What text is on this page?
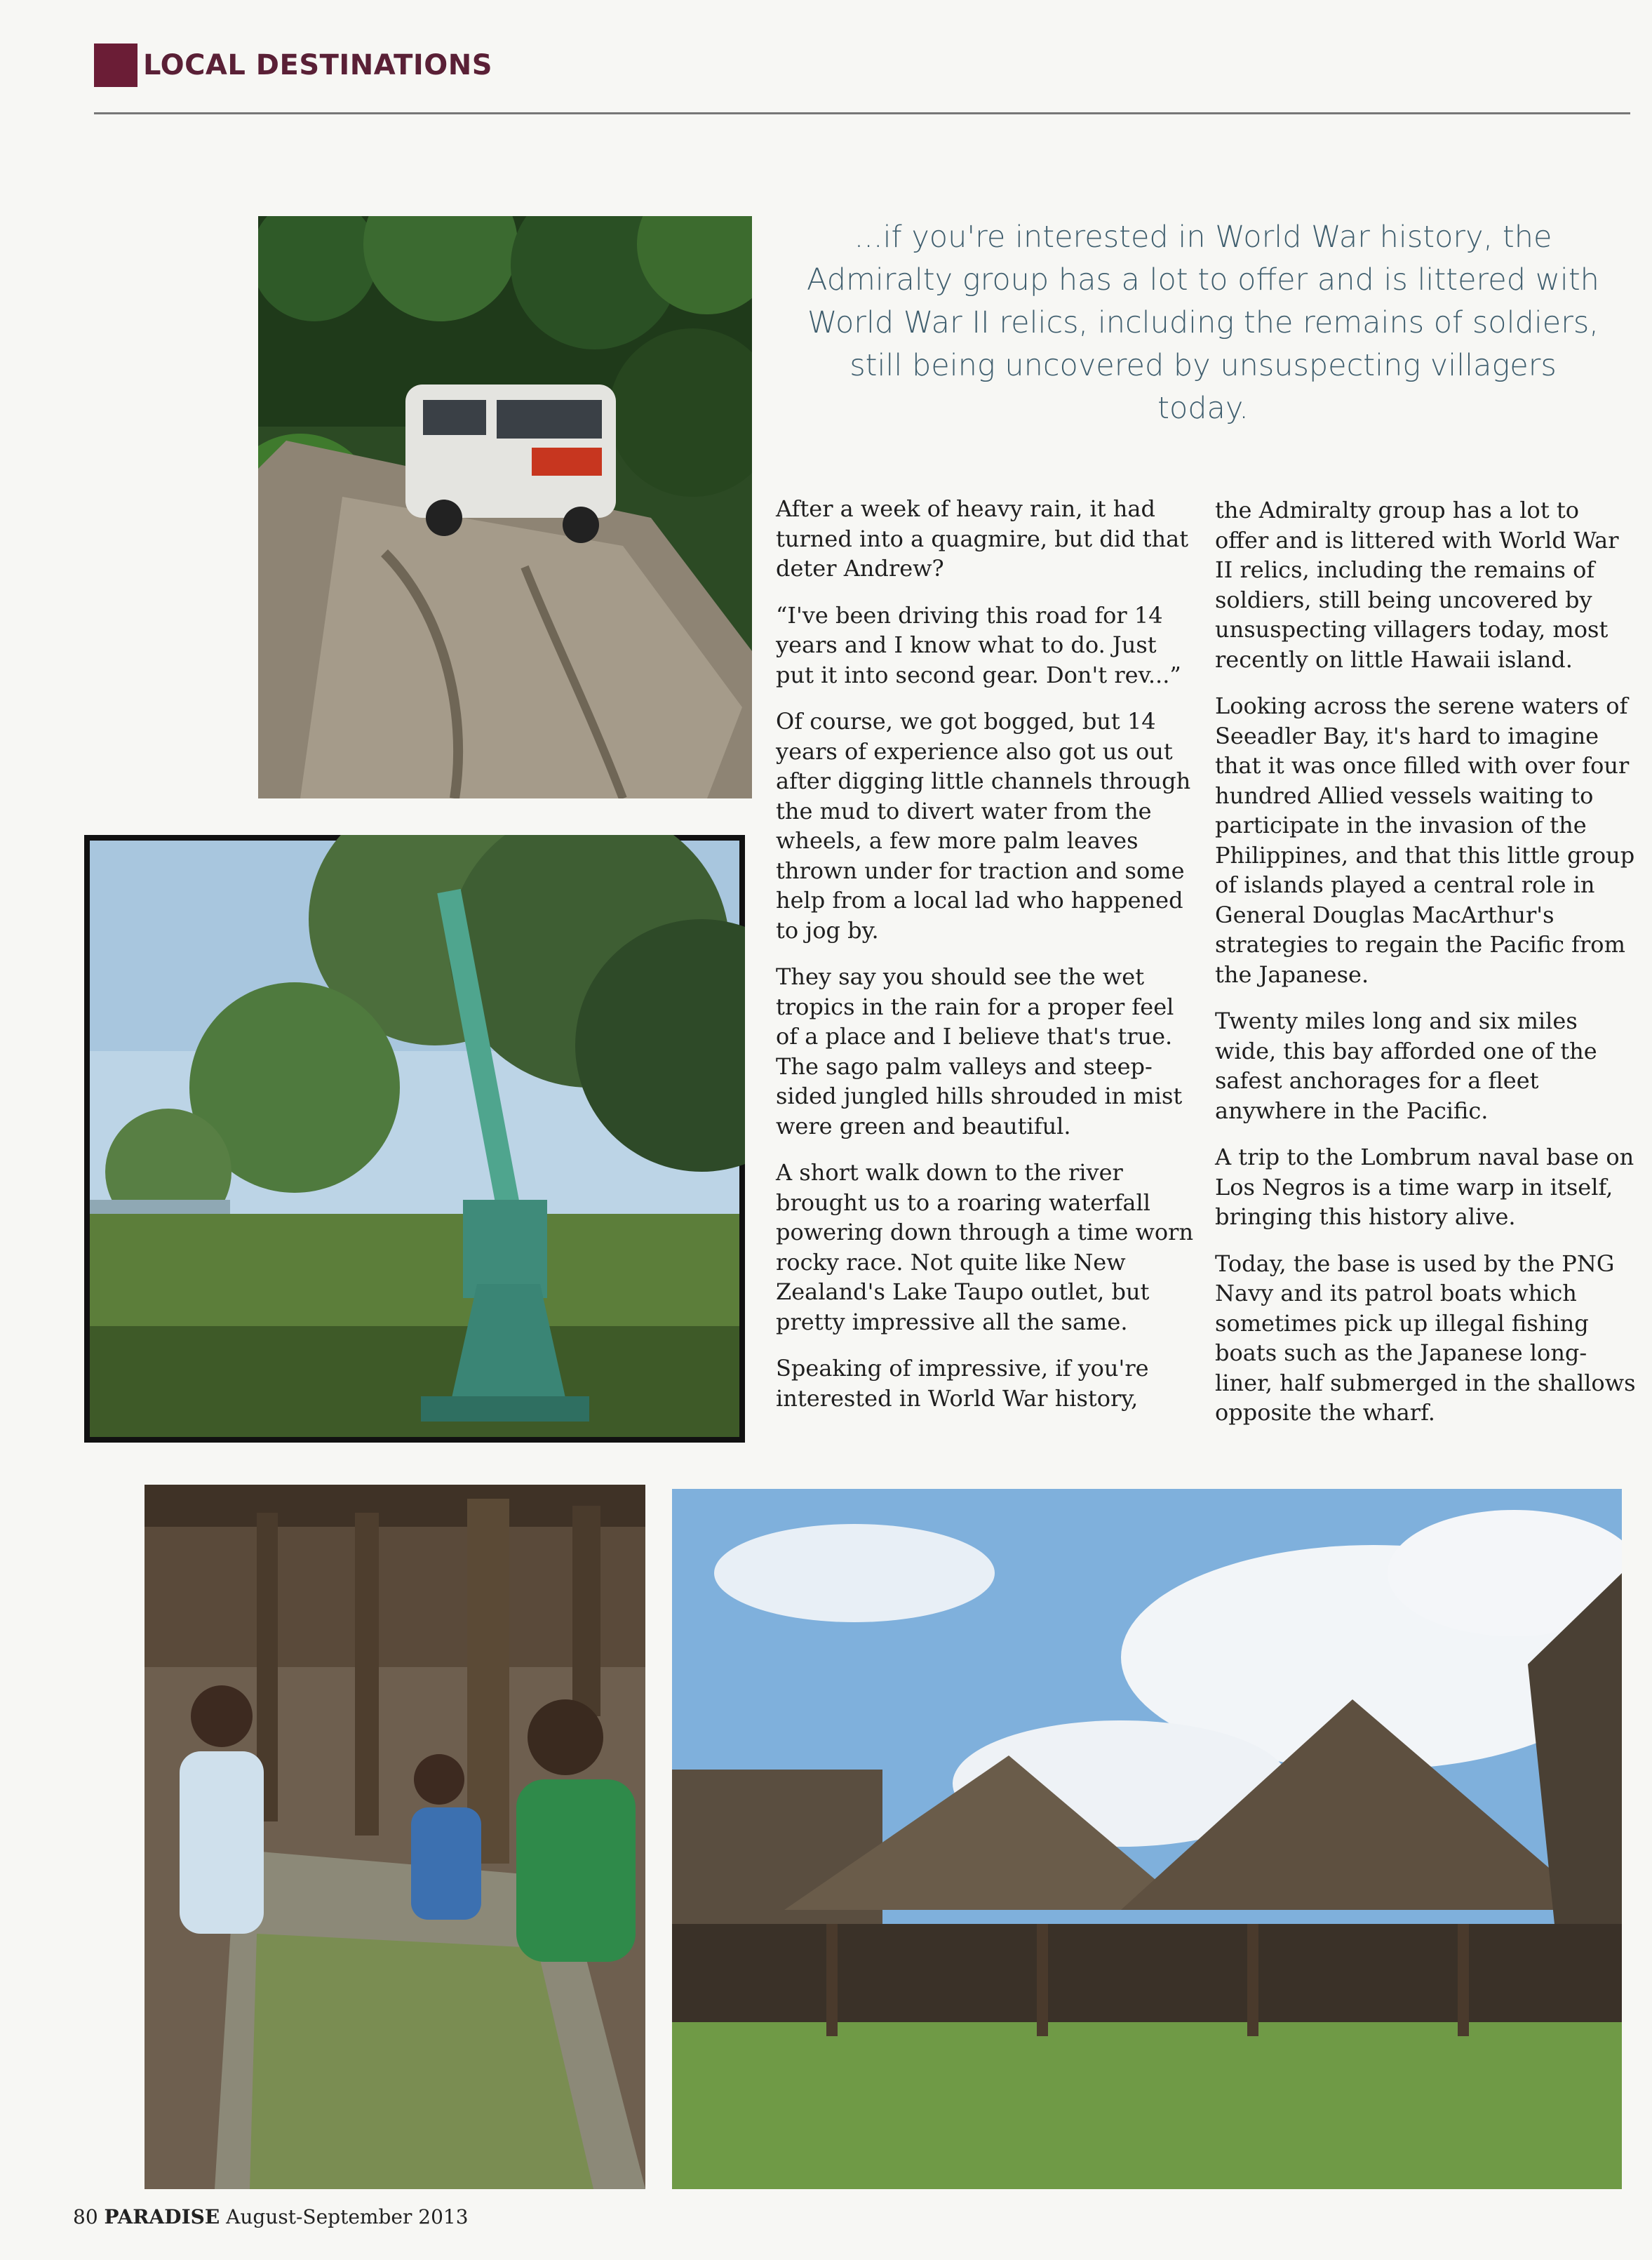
LOCAL DESTINATIONS
...if you're interested in World War history, the Admiralty group has a lot to offer and is littered with World War II relics, including the remains of soldiers, still being uncovered by unsuspecting villagers today.

After a week of heavy rain, it had turned into a quagmire, but did that deter Andrew?

“I've been driving this road for 14 years and I know what to do. Just put it into second gear. Don't rev...”

Of course, we got bogged, but 14 years of experience also got us out after digging little channels through the mud to divert water from the wheels, a few more palm leaves thrown under for traction and some help from a local lad who happened to jog by.

They say you should see the wet tropics in the rain for a proper feel of a place and I believe that's true. The sago palm valleys and steep-sided jungled hills shrouded in mist were green and beautiful.

A short walk down to the river brought us to a roaring waterfall powering down through a time worn rocky race. Not quite like New Zealand's Lake Taupo outlet, but pretty impressive all the same.

Speaking of impressive, if you're interested in World War history,

the Admiralty group has a lot to offer and is littered with World War II relics, including the remains of soldiers, still being uncovered by unsuspecting villagers today, most recently on little Hawaii island.

Looking across the serene waters of Seeadler Bay, it's hard to imagine that it was once filled with over four hundred Allied vessels waiting to participate in the invasion of the Philippines, and that this little group of islands played a central role in General Douglas MacArthur's strategies to regain the Pacific from the Japanese.

Twenty miles long and six miles wide, this bay afforded one of the safest anchorages for a fleet anywhere in the Pacific.

A trip to the Lombrum naval base on Los Negros is a time warp in itself, bringing this history alive.

Today, the base is used by the PNG Navy and its patrol boats which sometimes pick up illegal fishing boats such as the Japanese long-liner, half submerged in the shallows opposite the wharf.

80 PARADISE August-September 2013
